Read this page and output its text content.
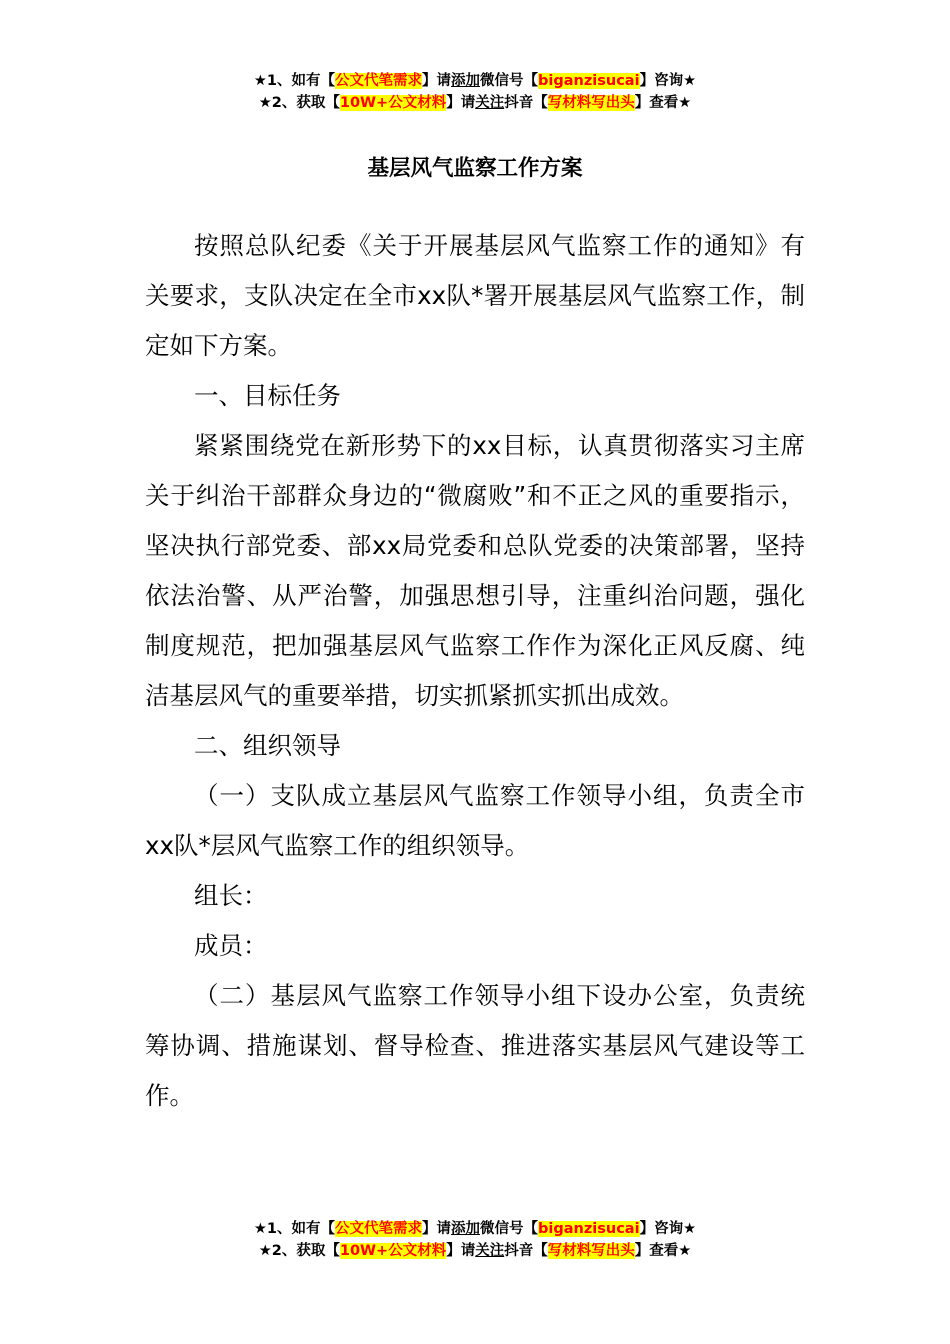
★1、如有【公文代笔需求】请添加微信号【biganzisucai】咨询★
★2、获取【10W+公文材料】请关注抖音【写材料写出头】查看★
基层风气监察工作方案

按照总队纪委《关于开展基层风气监察工作的通知》有关要求，支队决定在全市xx队*署开展基层风气监察工作，制定如下方案。

一、目标任务

紧紧围绕党在新形势下的xx目标，认真贯彻落实习主席关于纠治干部群众身边的“微腐败”和不正之风的重要指示，坚决执行部党委、部xx局党委和总队党委的决策部署，坚持依法治警、从严治警，加强思想引导，注重纠治问题，强化制度规范，把加强基层风气监察工作作为深化正风反腐、纯洁基层风气的重要举措，切实抓紧抓实抓出成效。

二、组织领导

（一）支队成立基层风气监察工作领导小组，负责全市xx队*层风气监察工作的组织领导。

组长：

成员：

（二）基层风气监察工作领导小组下设办公室，负责统筹协调、措施谋划、督导检查、推进落实基层风气建设等工作。

★1、如有【公文代笔需求】请添加微信号【biganzisucai】咨询★
★2、获取【10W+公文材料】请关注抖音【写材料写出头】查看★
